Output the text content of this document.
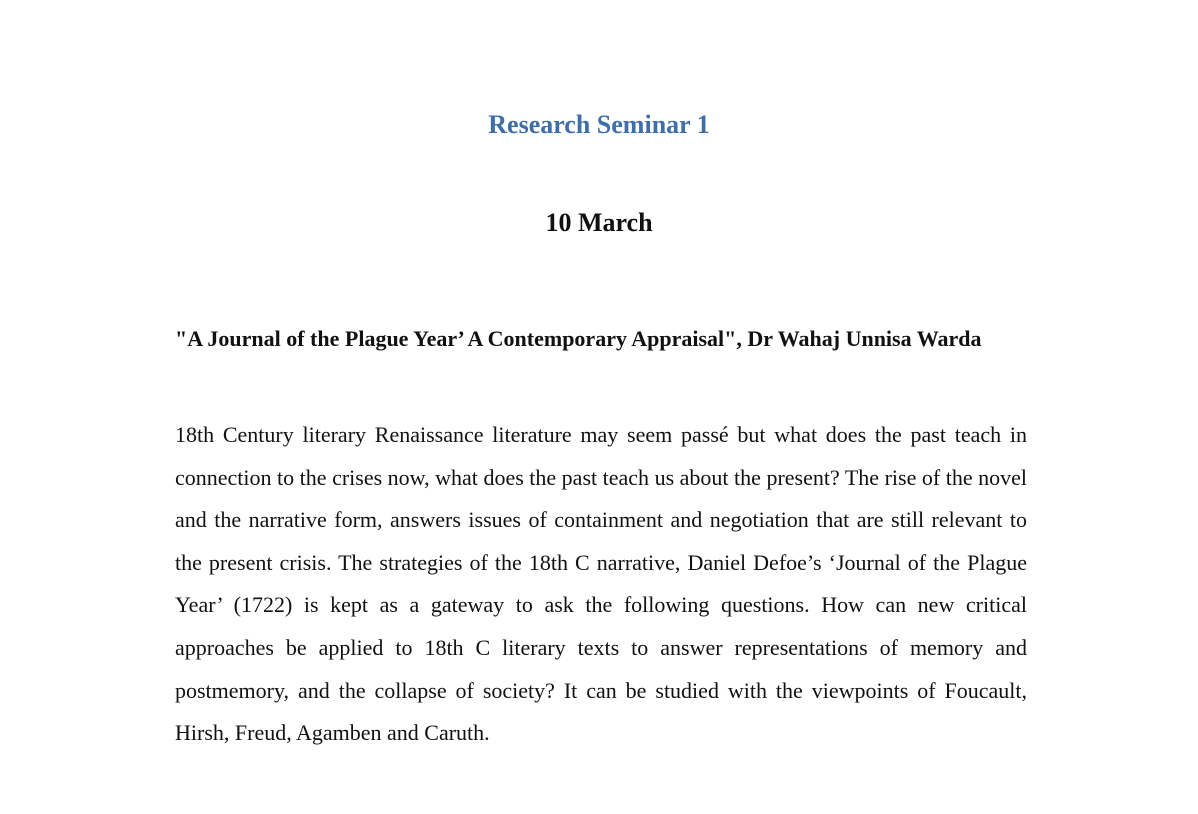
Research Seminar 1
10 March

"A Journal of the Plague Year’ A Contemporary Appraisal", Dr Wahaj Unnisa Warda

18th Century literary Renaissance literature may seem passé but what does the past teach in connection to the crises now, what does the past teach us about the present? The rise of the novel and the narrative form, answers issues of containment and negotiation that are still relevant to the present crisis. The strategies of the 18th C narrative, Daniel Defoe’s ‘Journal of the Plague Year’ (1722) is kept as a gateway to ask the following questions. How can new critical approaches be applied to 18th C literary texts to answer representations of memory and postmemory, and the collapse of society? It can be studied with the viewpoints of Foucault, Hirsh, Freud, Agamben and Caruth.
